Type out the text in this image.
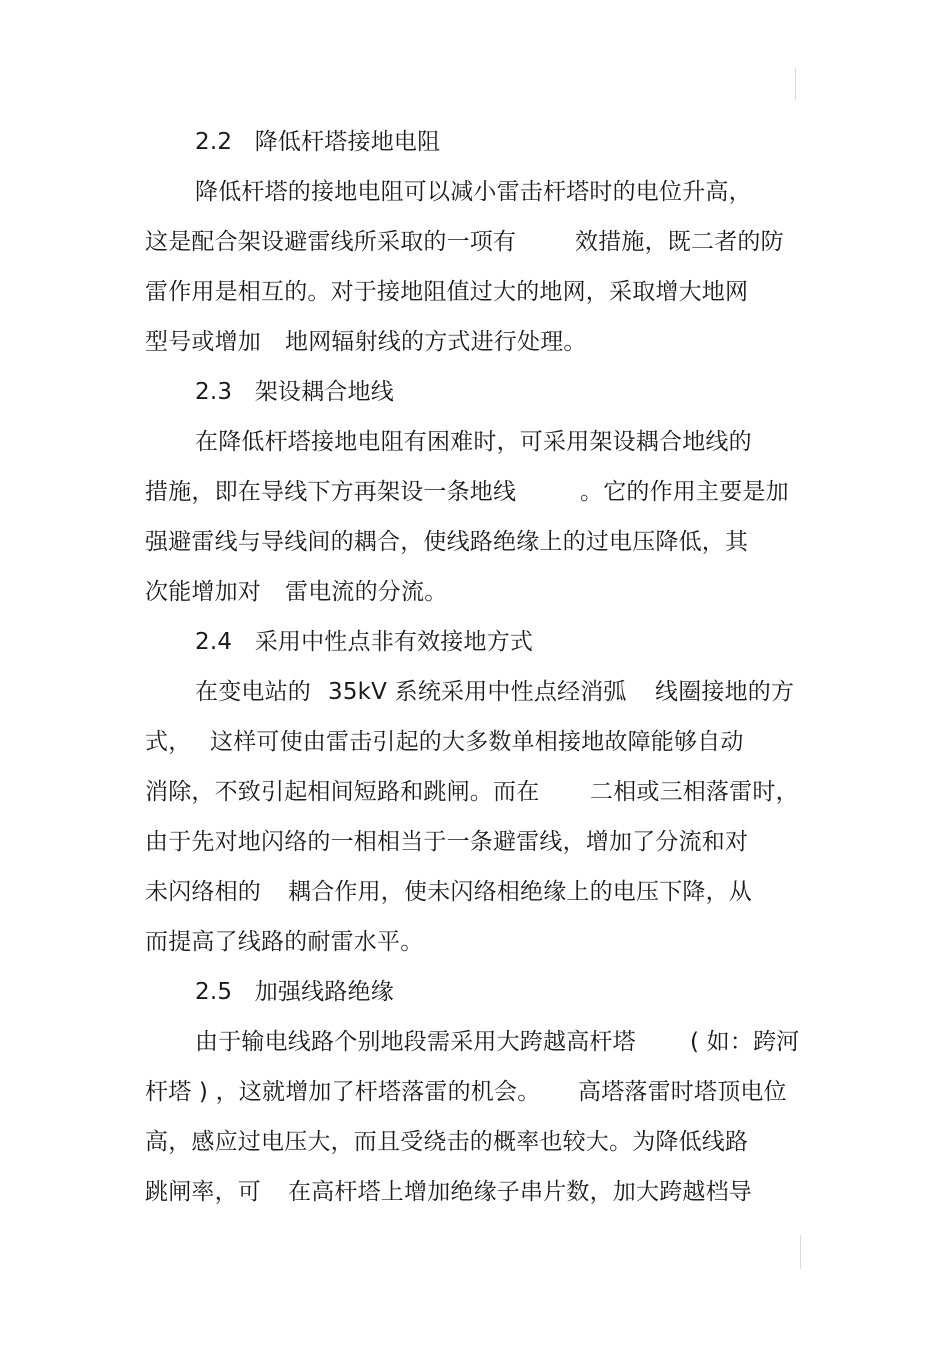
2.2   降低杆塔接地电阻

降低杆塔的接地电阻可以减小雷击杆塔时的电位升高，

这是配合架设避雷线所采取的一项有

	效措施，既二者的防

雷作用是相互的。对于接地阻值过大的地网，采取增大地网

型号或增加

地网辐射线的方式进行处理。

2.3   架设耦合地线

在降低杆塔接地电阻有困难时，可采用架设耦合地线的

措施，即在导线下方再架设一条地线

	。它的作用主要是加

强避雷线与导线间的耦合，使线路绝缘上的过电压降低，其

次能增加对

雷电流的分流。

2.4   采用中性点非有效接地方式

在变电站的

35kV 系统采用中性点经消弧

线圈接地的方

式，

这样可使由雷击引起的大多数单相接地故障能够自动

消除，不致引起相间短路和跳闸。而在

二相或三相落雷时，

由于先对地闪络的一相相当于一条避雷线，增加了分流和对

未闪络相的

耦合作用，使未闪络相绝缘上的电压下降，从

而提高了线路的耐雷水平。

2.5   加强线路绝缘

由于输电线路个别地段需采用大跨越高杆塔

( 如：跨河

杆塔 ) ，这就增加了杆塔落雷的机会。

高塔落雷时塔顶电位

高，感应过电压大，而且受绕击的概率也较大。为降低线路

跳闸率，可

在高杆塔上增加绝缘子串片数，加大跨越档导
